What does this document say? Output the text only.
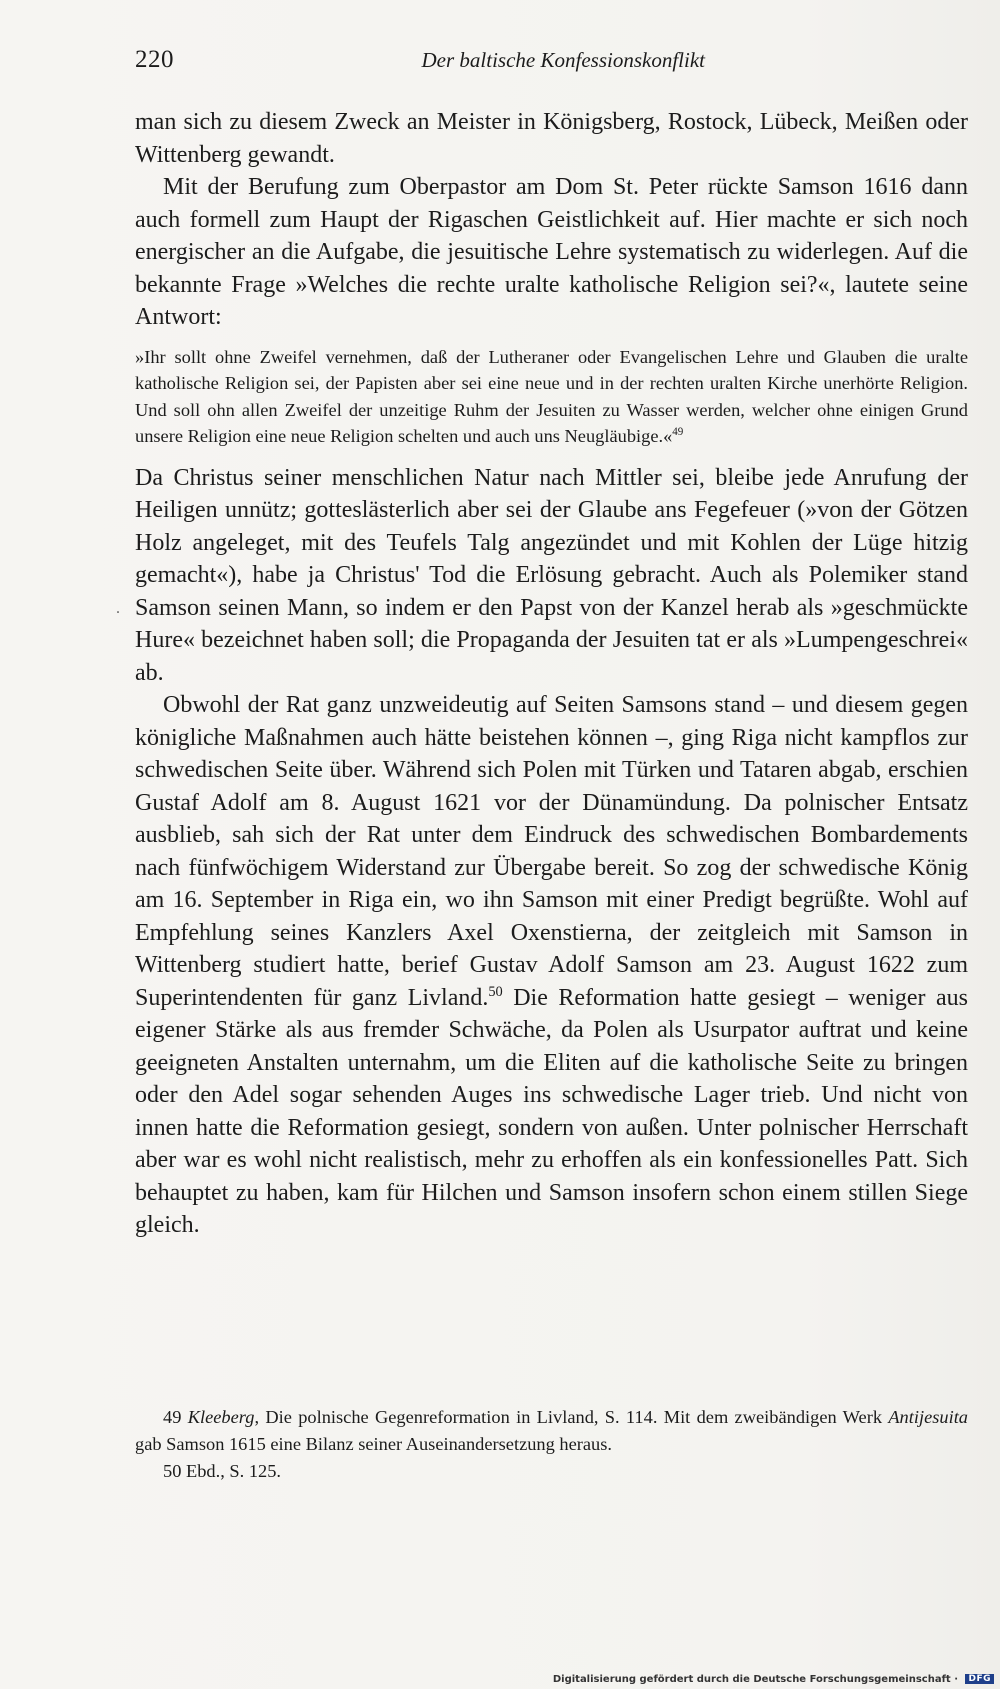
220	Der baltische Konfessionskonflikt
.

man sich zu diesem Zweck an Meister in Königsberg, Rostock, Lübeck, Meißen oder Wittenberg gewandt.

Mit der Berufung zum Oberpastor am Dom St. Peter rückte Samson 1616 dann auch formell zum Haupt der Rigaschen Geistlichkeit auf. Hier machte er sich noch energischer an die Aufgabe, die jesuitische Lehre systematisch zu widerlegen. Auf die bekannte Frage »Welches die rechte uralte katholische Religion sei?«, lautete seine Antwort:

»Ihr sollt ohne Zweifel vernehmen, daß der Lutheraner oder Evangelischen Lehre und Glauben die uralte katholische Religion sei, der Papisten aber sei eine neue und in der rechten uralten Kirche unerhörte Religion. Und soll ohn allen Zweifel der unzeitige Ruhm der Jesuiten zu Wasser werden, welcher ohne einigen Grund unsere Religion eine neue Religion schelten und auch uns Neugläubige.«$^{49}$

Da Christus seiner menschlichen Natur nach Mittler sei, bleibe jede Anrufung der Heiligen unnütz; gotteslästerlich aber sei der Glaube ans Fegefeuer (»von der Götzen Holz angeleget, mit des Teufels Talg angezündet und mit Kohlen der Lüge hitzig gemacht«), habe ja Christus' Tod die Erlösung gebracht. Auch als Polemiker stand Samson seinen Mann, so indem er den Papst von der Kanzel herab als »geschmückte Hure« bezeichnet haben soll; die Propaganda der Jesuiten tat er als »Lumpengeschrei« ab.

Obwohl der Rat ganz unzweideutig auf Seiten Samsons stand – und diesem gegen königliche Maßnahmen auch hätte beistehen können –, ging Riga nicht kampflos zur schwedischen Seite über. Während sich Polen mit Türken und Tataren abgab, erschien Gustaf Adolf am 8. August 1621 vor der Dünamündung. Da polnischer Entsatz ausblieb, sah sich der Rat unter dem Eindruck des schwedischen Bombardements nach fünfwöchigem Widerstand zur Übergabe bereit. So zog der schwedische König am 16. September in Riga ein, wo ihn Samson mit einer Predigt begrüßte. Wohl auf Empfehlung seines Kanzlers Axel Oxenstierna, der zeitgleich mit Samson in Wittenberg studiert hatte, berief Gustav Adolf Samson am 23. August 1622 zum Superintendenten für ganz Livland.$^{50}$ Die Reformation hatte gesiegt – weniger aus eigener Stärke als aus fremder Schwäche, da Polen als Usurpator auftrat und keine geeigneten Anstalten unternahm, um die Eliten auf die katholische Seite zu bringen oder den Adel sogar sehenden Auges ins schwedische Lager trieb. Und nicht von innen hatte die Reformation gesiegt, sondern von außen. Unter polnischer Herrschaft aber war es wohl nicht realistisch, mehr zu erhoffen als ein konfessionelles Patt. Sich behauptet zu haben, kam für Hilchen und Samson insofern schon einem stillen Siege gleich.

49 Kleeberg, Die polnische Gegenreformation in Livland, S. 114. Mit dem zweibändigen Werk Antijesuita gab Samson 1615 eine Bilanz seiner Auseinandersetzung heraus.

50 Ebd., S. 125.

Digitalisierung gefördert durch die Deutsche Forschungsgemeinschaft · DFG
